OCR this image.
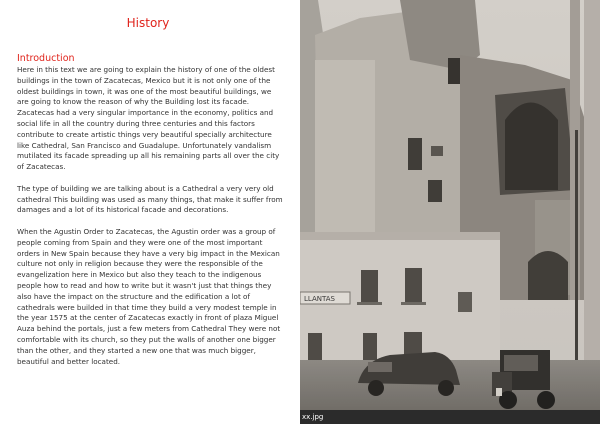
History
Introduction
Here in this text we are going to explain the history of one of the oldest buildings in the town of Zacatecas, Mexico but it is not only one of the oldest buildings in town, it was one of the most beautiful buildings, we are going to know the reason of why the Building lost its facade.
Zacatecas had a very singular importance in the economy, politics and social life in all the country during three centuries and this factors contribute to create artistic things very beautiful specially architecture like Cathedral, San Francisco and Guadalupe. Unfortunately vandalism mutilated its facade spreading up all his remaining parts all over the city of Zacatecas.
The type of building we are talking about is a Cathedral a very very old cathedral This building was used as many things, that make it suffer from damages and a lot of its historical facade and decorations.
When the Agustin Order to Zacatecas, the Agustin order was a group of people coming from Spain and they were one of the most important orders in New Spain because they have a very big impact in the Mexican culture not only in religion because they were the responsible of the evangelization here in Mexico but also they teach to the indigenous people how to read and how to write but it wasn't just that things they also have the impact on the structure and the edification a lot of cathedrals were builded in that time they build a very modest temple in the year 1575 at the center of Zacatecas exactly in front of plaza Miguel Auza behind the portals, just a few meters from Cathedral They were not comfortable with its church, so they put the walls of another one bigger than the other, and they started a new one that was much bigger, beautiful and better located.
LLANTAS
xx.jpg
